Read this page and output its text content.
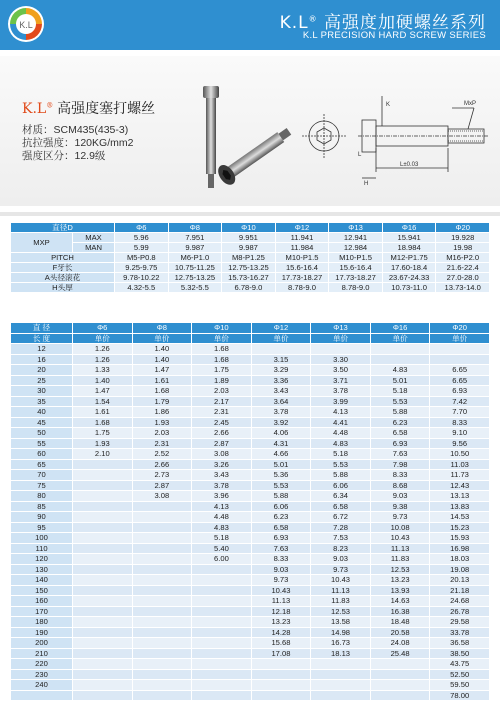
K.L	K.L® 高强度加硬螺丝系列
K.L PRECISION HARD SCREW SERIES
K.L® 高强度塞打螺丝
材质：SCM435(435-3)
抗拉强度：120KG/mm2
强度区分：12.9级
MxP
K
L
H
L±0.03
直径D		Φ6	Φ8	Φ10	Φ12	Φ13	Φ16	Φ20
MXP	MAX	5.96	7.951	9.951	11.941	12.941	15.941	19.928
	MAN	5.99	9.987	9.987	11.984	12.984	18.984	19.98
PITCH		M5-P0.8	M6-P1.0	M8-P1.25	M10-P1.5	M10-P1.5	M12-P1.75	M16-P2.0
F牙长		9.25-9.75	10.75-11.25	12.75-13.25	15.6-16.4	15.6-16.4	17.60-18.4	21.6-22.4
A头径滚花		9.78-10.22	12.75-13.25	15.73-16.27	17.73-18.27	17.73-18.27	23.67-24.33	27.0-28.0
H头厚		4.32-5.5	5.32-5.5	6.78-9.0	8.78-9.0	8.78-9.0	10.73-11.0	13.73-14.0
直 径	Φ6	Φ8	Φ10	Φ12	Φ13	Φ16	Φ20
长 度	单价	单价	单价	单价	单价	单价	单价
12	1.26	1.40	1.68				
16	1.26	1.40	1.68	3.15	3.30		
20	1.33	1.47	1.75	3.29	3.50	4.83	6.65
25	1.40	1.61	1.89	3.36	3.71	5.01	6.65
30	1.47	1.68	2.03	3.43	3.78	5.18	6.93
35	1.54	1.79	2.17	3.64	3.99	5.53	7.42
40	1.61	1.86	2.31	3.78	4.13	5.88	7.70
45	1.68	1.93	2.45	3.92	4.41	6.23	8.33
50	1.75	2.03	2.66	4.06	4.48	6.58	9.10
55	1.93	2.31	2.87	4.31	4.83	6.93	9.56
60	2.10	2.52	3.08	4.66	5.18	7.63	10.50
65		2.66	3.26	5.01	5.53	7.98	11.03
70		2.73	3.43	5.36	5.88	8.33	11.73
75		2.87	3.78	5.53	6.06	8.68	12.43
80		3.08	3.96	5.88	6.34	9.03	13.13
85			4.13	6.06	6.58	9.38	13.83
90			4.48	6.23	6.72	9.73	14.53
95			4.83	6.58	7.28	10.08	15.23
100			5.18	6.93	7.53	10.43	15.93
110			5.40	7.63	8.23	11.13	16.98
120			6.00	8.33	9.03	11.83	18.03
130				9.03	9.73	12.53	19.08
140				9.73	10.43	13.23	20.13
150				10.43	11.13	13.93	21.18
160				11.13	11.83	14.63	24.68
170				12.18	12.53	16.38	26.78
180				13.23	13.58	18.48	29.58
190				14.28	14.98	20.58	33.78
200				15.68	16.73	24.08	36.58
210				17.08	18.13	25.48	38.50
220							43.75
230							52.50
240							59.50
							78.00
